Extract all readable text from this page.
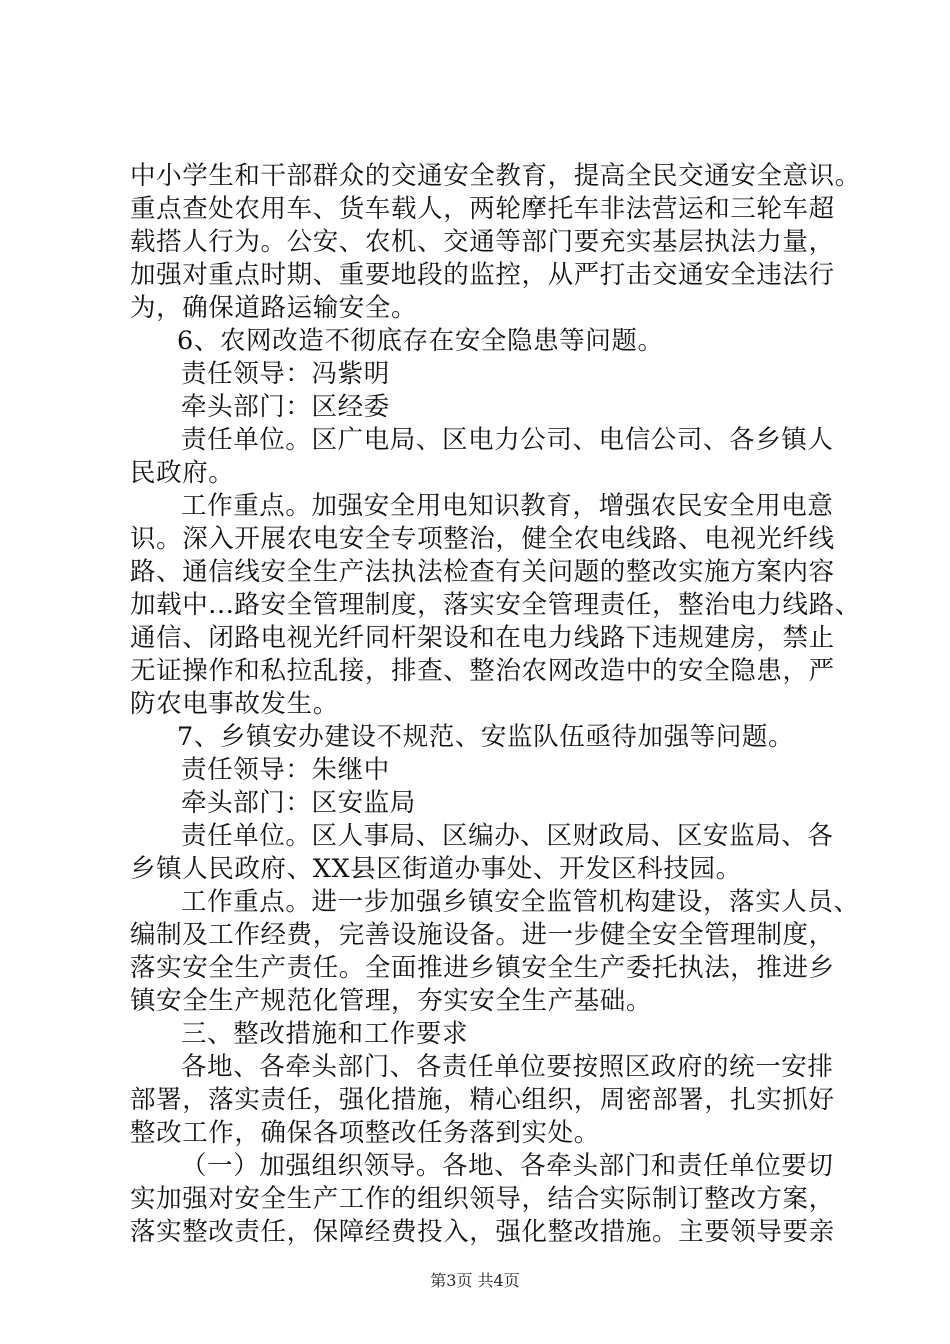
中小学生和干部群众的交通安全教育，提高全民交通安全意识。
重点查处农用车、货车载人，两轮摩托车非法营运和三轮车超
载搭人行为。公安、农机、交通等部门要充实基层执法力量，
加强对重点时期、重要地段的监控，从严打击交通安全违法行
为，确保道路运输安全。
6、农网改造不彻底存在安全隐患等问题。
责任领导：冯紫明
牵头部门：区经委
责任单位。区广电局、区电力公司、电信公司、各乡镇人
民政府。
工作重点。加强安全用电知识教育，增强农民安全用电意
识。深入开展农电安全专项整治，健全农电线路、电视光纤线
路、通信线安全生产法执法检查有关问题的整改实施方案内容
加载中...路安全管理制度，落实安全管理责任，整治电力线路、
通信、闭路电视光纤同杆架设和在电力线路下违规建房，禁止
无证操作和私拉乱接，排查、整治农网改造中的安全隐患，严
防农电事故发生。
7、乡镇安办建设不规范、安监队伍亟待加强等问题。
责任领导：朱继中
牵头部门：区安监局
责任单位。区人事局、区编办、区财政局、区安监局、各
乡镇人民政府、XX县区街道办事处、开发区科技园。
工作重点。进一步加强乡镇安全监管机构建设，落实人员、
编制及工作经费，完善设施设备。进一步健全安全管理制度，
落实安全生产责任。全面推进乡镇安全生产委托执法，推进乡
镇安全生产规范化管理，夯实安全生产基础。
三、整改措施和工作要求
各地、各牵头部门、各责任单位要按照区政府的统一安排
部署，落实责任，强化措施，精心组织，周密部署，扎实抓好
整改工作，确保各项整改任务落到实处。
（一）加强组织领导。各地、各牵头部门和责任单位要切
实加强对安全生产工作的组织领导，结合实际制订整改方案，
落实整改责任，保障经费投入，强化整改措施。主要领导要亲
第3页 共4页
